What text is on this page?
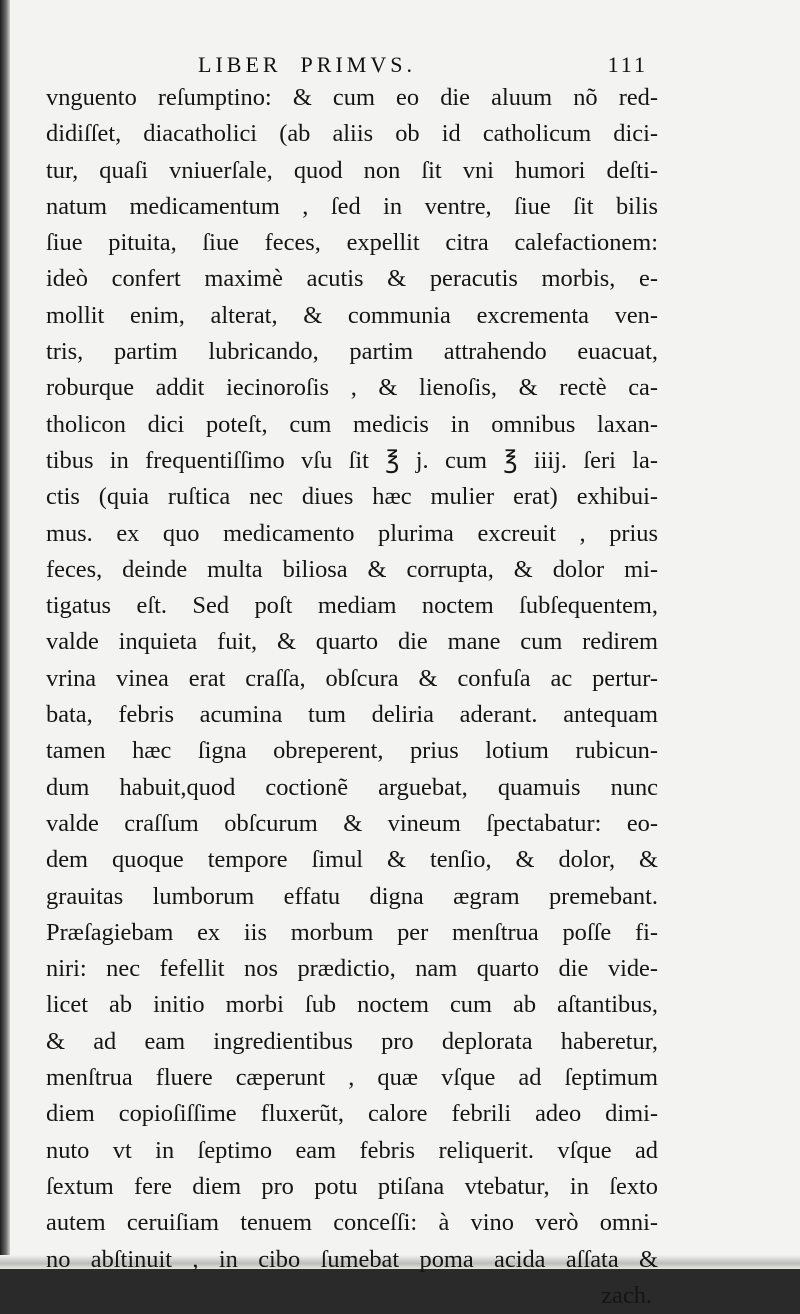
LIBER  PRIMVS.	111
vnguento reſumptino: & cum eo die aluum nõ red-
didiſſet, diacatholici (ab aliis ob id catholicum dici-
tur, quaſi vniuerſale, quod non ſit vni humori deſti-
natum medicamentum , ſed in ventre, ſiue ſit bilis
ſiue pituita, ſiue feces, expellit citra calefactionem:
ideò confert maximè acutis & peracutis morbis, e-
mollit enim, alterat, & communia excrementa ven-
tris, partim lubricando, partim attrahendo euacuat,
roburque addit iecinoroſis , & lienoſis, & rectè ca-
tholicon dici poteſt, cum medicis in omnibus laxan-
tibus in frequentiſſimo vſu ſit ℥ j. cum ℥ iiij. ſeri la-
ctis (quia ruſtica nec diues hæc mulier erat) exhibui-
mus. ex quo medicamento plurima excreuit , prius
feces, deinde multa biliosa & corrupta, & dolor mi-
tigatus eſt. Sed poſt mediam noctem ſubſequentem,
valde inquieta fuit, & quarto die mane cum redirem
vrina vinea erat craſſa, obſcura & confuſa ac pertur-
bata, febris acumina tum deliria aderant. antequam
tamen hæc ſigna obreperent, prius lotium rubicun-
dum habuit,quod coctionẽ arguebat, quamuis nunc
valde craſſum obſcurum & vineum ſpectabatur: eo-
dem quoque tempore ſimul & tenſio, & dolor, &
grauitas lumborum effatu digna ægram premebant.
Præſagiebam ex iis morbum per menſtrua poſſe fi-
niri: nec fefellit nos prædictio, nam quarto die vide-
licet ab initio morbi ſub noctem cum ab aſtantibus,
& ad eam ingredientibus pro deplorata haberetur,
menſtrua fluere cæperunt , quæ vſque ad ſeptimum
diem copioſiſſime fluxerũt, calore febrili adeo dimi-
nuto vt in ſeptimo eam febris reliquerit. vſque ad
ſextum fere diem pro potu ptiſana vtebatur, in ſexto
autem ceruiſiam tenuem conceſſi: à vino verò omni-
no abſtinuit , in cibo ſumebat poma acida aſſata &
zach.
